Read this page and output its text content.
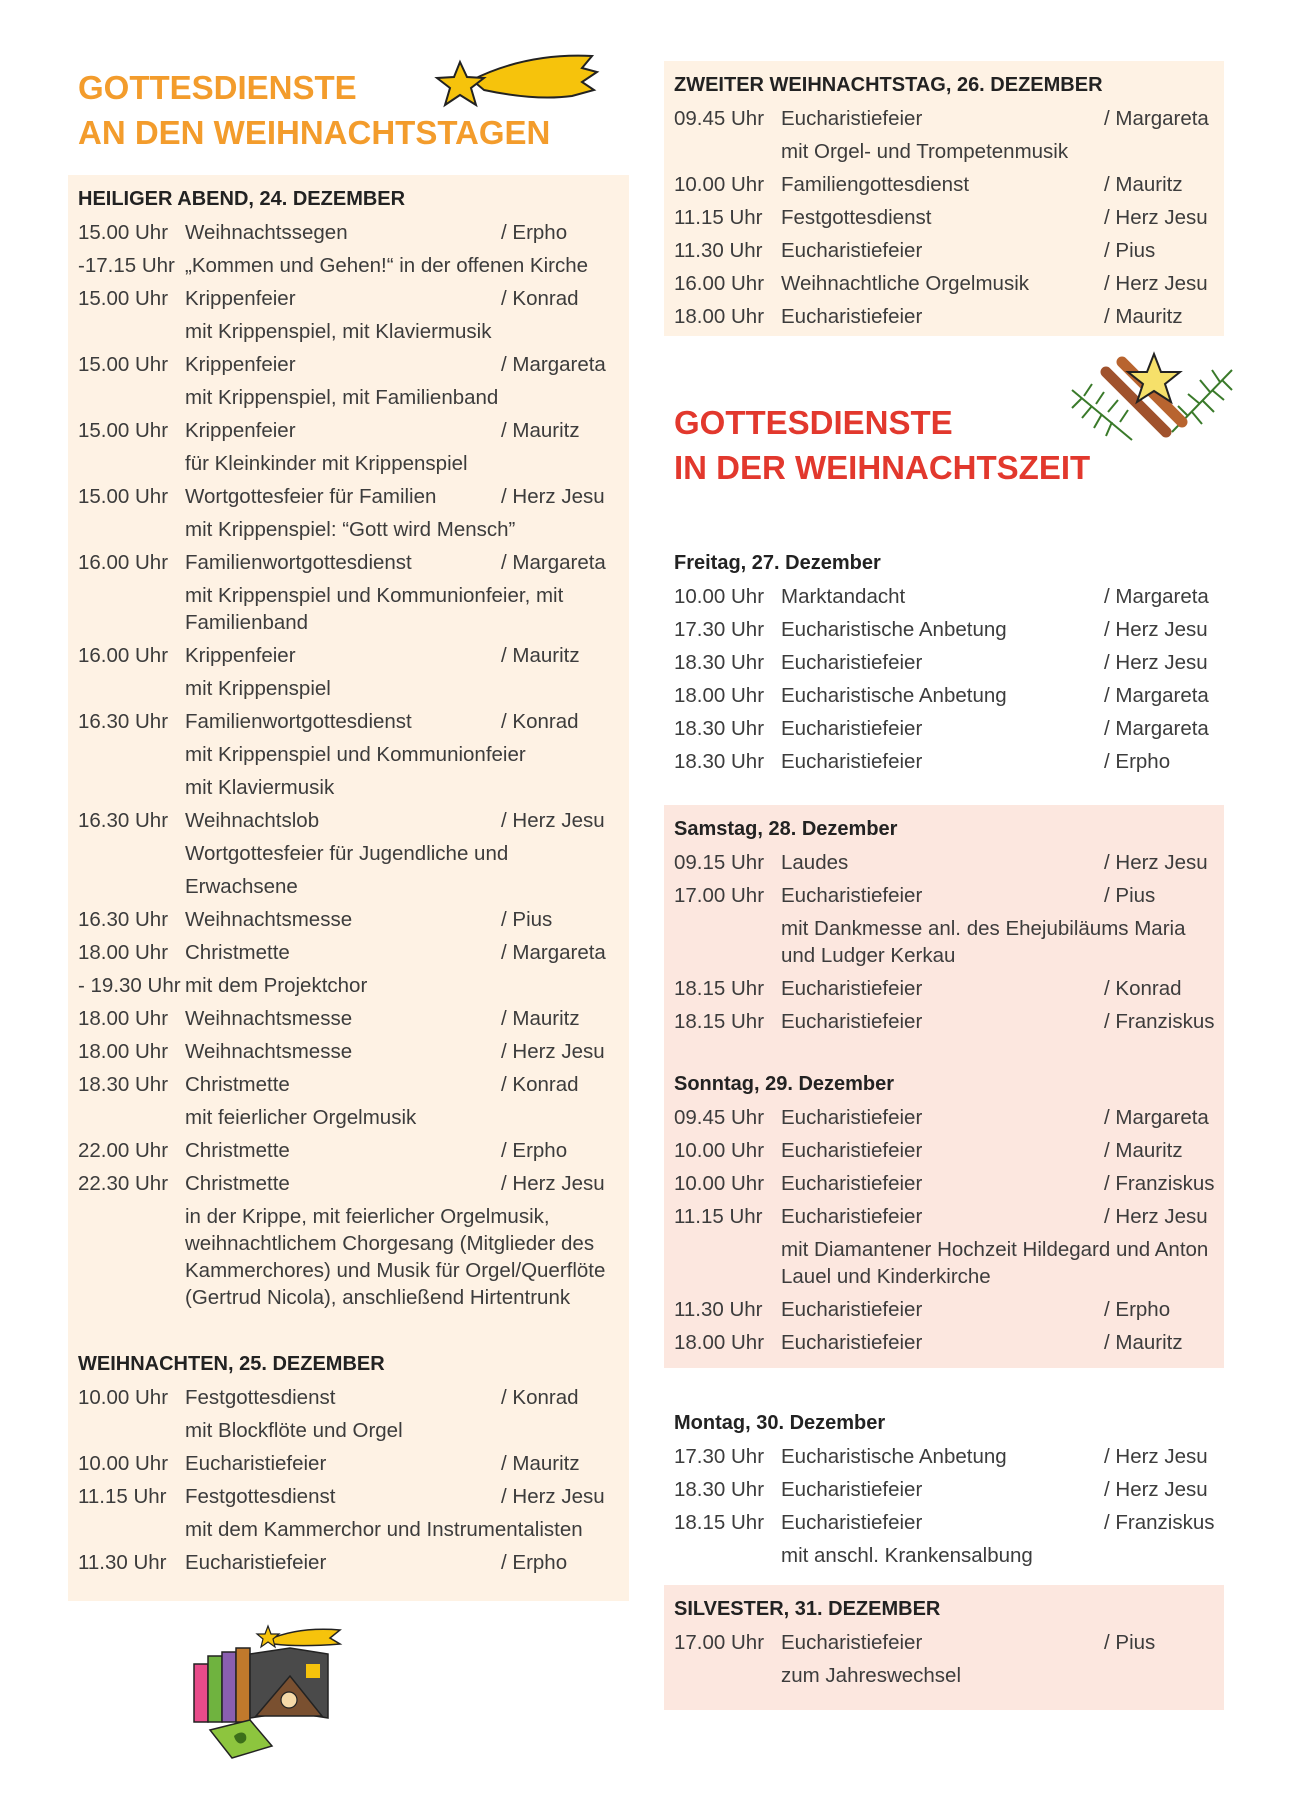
GOTTESDIENSTE
AN DEN WEIHNACHTSTAGEN
HEILIGER ABEND, 24. DEZEMBER
15.00 Uhr Weihnachtssegen	/ Erpho
-17.15 Uhr „Kommen und Gehen!“ in der offenen Kirche
15.00 Uhr Krippenfeier	/ Konrad
mit Krippenspiel, mit Klaviermusik
15.00 Uhr Krippenfeier	/ Margareta
mit Krippenspiel, mit Familienband
15.00 Uhr Krippenfeier	/ Mauritz
für Kleinkinder mit Krippenspiel
15.00 Uhr Wortgottesfeier für Familien	/ Herz Jesu
mit Krippenspiel: “Gott wird Mensch”
16.00 Uhr Familienwortgottesdienst	/ Margareta
mit Krippenspiel und Kommunionfeier, mit Familienband
16.00 Uhr Krippenfeier	/ Mauritz
mit Krippenspiel
16.30 Uhr Familienwortgottesdienst	/ Konrad
mit Krippenspiel und Kommunionfeier
mit Klaviermusik
16.30 Uhr Weihnachtslob	/ Herz Jesu
Wortgottesfeier für Jugendliche und
Erwachsene
16.30 Uhr Weihnachtsmesse	/ Pius
18.00 Uhr Christmette	/ Margareta
- 19.30 Uhr mit dem Projektchor
18.00 Uhr Weihnachtsmesse	/ Mauritz
18.00 Uhr Weihnachtsmesse	/ Herz Jesu
18.30 Uhr Christmette	/ Konrad
mit feierlicher Orgelmusik
22.00 Uhr Christmette	/ Erpho
22.30 Uhr Christmette	/ Herz Jesu
in der Krippe, mit feierlicher Orgelmusik, weihnachtlichem Chorgesang (Mitglieder des Kammerchores) und Musik für Orgel/Querflöte (Gertrud Nicola), anschließend Hirtentrunk
WEIHNACHTEN, 25. DEZEMBER
10.00 Uhr Festgottesdienst	/ Konrad
mit Blockflöte und Orgel
10.00 Uhr Eucharistiefeier	/ Mauritz
11.15 Uhr Festgottesdienst	/ Herz Jesu
mit dem Kammerchor und Instrumentalisten
11.30 Uhr Eucharistiefeier	/ Erpho
ZWEITER WEIHNACHTSTAG, 26. DEZEMBER
09.45 Uhr Eucharistiefeier	/ Margareta
mit Orgel- und Trompetenmusik
10.00 Uhr Familiengottesdienst	/ Mauritz
11.15 Uhr Festgottesdienst	/ Herz Jesu
11.30 Uhr Eucharistiefeier	/ Pius
16.00 Uhr Weihnachtliche Orgelmusik	/ Herz Jesu
18.00 Uhr Eucharistiefeier	/ Mauritz
GOTTESDIENSTE
IN DER WEIHNACHTSZEIT
Freitag, 27. Dezember
10.00 Uhr Marktandacht	/ Margareta
17.30 Uhr Eucharistische Anbetung	/ Herz Jesu
18.30 Uhr Eucharistiefeier	/ Herz Jesu
18.00 Uhr Eucharistische Anbetung	/ Margareta
18.30 Uhr Eucharistiefeier	/ Margareta
18.30 Uhr Eucharistiefeier	/ Erpho
Samstag, 28. Dezember
09.15 Uhr Laudes	/ Herz Jesu
17.00 Uhr Eucharistiefeier	/ Pius
mit Dankmesse anl. des Ehejubiläums Maria und Ludger Kerkau
18.15 Uhr Eucharistiefeier	/ Konrad
18.15 Uhr Eucharistiefeier	/ Franziskus
Sonntag, 29. Dezember
09.45 Uhr Eucharistiefeier	/ Margareta
10.00 Uhr Eucharistiefeier	/ Mauritz
10.00 Uhr Eucharistiefeier	/ Franziskus
11.15 Uhr Eucharistiefeier	/ Herz Jesu
mit Diamantener Hochzeit Hildegard und Anton Lauel und Kinderkirche
11.30 Uhr Eucharistiefeier	/ Erpho
18.00 Uhr Eucharistiefeier	/ Mauritz
Montag, 30. Dezember
17.30 Uhr Eucharistische Anbetung	/ Herz Jesu
18.30 Uhr Eucharistiefeier	/ Herz Jesu
18.15 Uhr Eucharistiefeier	/ Franziskus
mit anschl. Krankensalbung
SILVESTER, 31. DEZEMBER
17.00 Uhr Eucharistiefeier	/ Pius
zum Jahreswechsel
